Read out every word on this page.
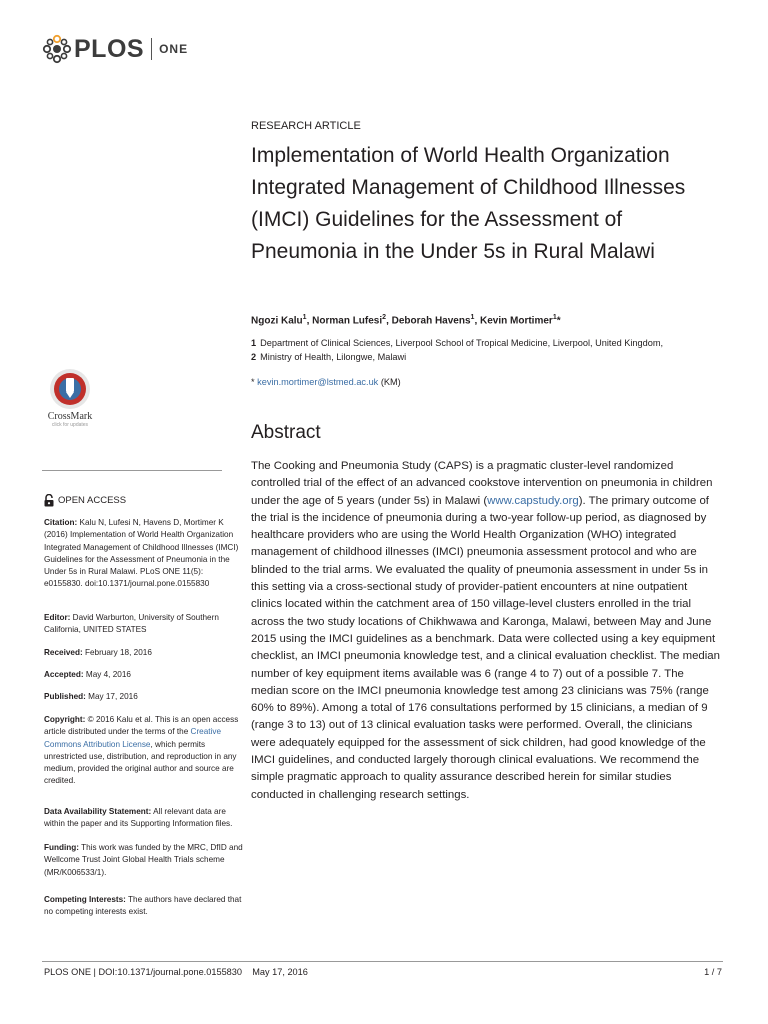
PLOS ONE
RESEARCH ARTICLE
Implementation of World Health Organization Integrated Management of Childhood Illnesses (IMCI) Guidelines for the Assessment of Pneumonia in the Under 5s in Rural Malawi
Ngozi Kalu$^1$, Norman Lufesi$^2$, Deborah Havens$^1$, Kevin Mortimer$^1$*
1 Department of Clinical Sciences, Liverpool School of Tropical Medicine, Liverpool, United Kingdom,
2 Ministry of Health, Lilongwe, Malawi
* kevin.mortimer@lstmed.ac.uk (KM)
CrossMark
click for updates	Abstract
The Cooking and Pneumonia Study (CAPS) is a pragmatic cluster-level randomized controlled trial of the effect of an advanced cookstove intervention on pneumonia in children under the age of 5 years (under 5s) in Malawi (www.capstudy.org). The primary outcome of the trial is the incidence of pneumonia during a two-year follow-up period, as diagnosed by healthcare providers who are using the World Health Organization (WHO) integrated management of childhood illnesses (IMCI) pneumonia assessment protocol and who are blinded to the trial arms. We evaluated the quality of pneumonia assessment in under 5s in this setting via a cross-sectional study of provider-patient encounters at nine outpatient clinics located within the catchment area of 150 village-level clusters enrolled in the trial across the two study locations of Chikhwawa and Karonga, Malawi, between May and June 2015 using the IMCI guidelines as a benchmark. Data were collected using a key equipment checklist, an IMCI pneumonia knowledge test, and a clinical evaluation checklist. The median number of key equipment items available was 6 (range 4 to 7) out of a possible 7. The median score on the IMCI pneumonia knowledge test among 23 clinicians was 75% (range 60% to 89%). Among a total of 176 consultations performed by 15 clinicians, a median of 9 (range 3 to 13) out of 13 clinical evaluation tasks were performed. Overall, the clinicians were adequately equipped for the assessment of sick children, had good knowledge of the IMCI guidelines, and conducted largely thorough clinical evaluations. We recommend the simple pragmatic approach to quality assurance described herein for similar studies conducted in challenging research settings.
OPEN ACCESS
Citation: Kalu N, Lufesi N, Havens D, Mortimer K (2016) Implementation of World Health Organization Integrated Management of Childhood Illnesses (IMCI) Guidelines for the Assessment of Pneumonia in the Under 5s in Rural Malawi. PLoS ONE 11(5): e0155830. doi:10.1371/journal.pone.0155830
Editor: David Warburton, University of Southern California, UNITED STATES
Received: February 18, 2016
Accepted: May 4, 2016
Published: May 17, 2016
Copyright: © 2016 Kalu et al. This is an open access article distributed under the terms of the Creative Commons Attribution License, which permits unrestricted use, distribution, and reproduction in any medium, provided the original author and source are credited.
Data Availability Statement: All relevant data are within the paper and its Supporting Information files.
Funding: This work was funded by the MRC, DfID and Wellcome Trust Joint Global Health Trials scheme (MR/K006533/1).
Competing Interests: The authors have declared that no competing interests exist.
PLOS ONE | DOI:10.1371/journal.pone.0155830    May 17, 2016	1 / 7
